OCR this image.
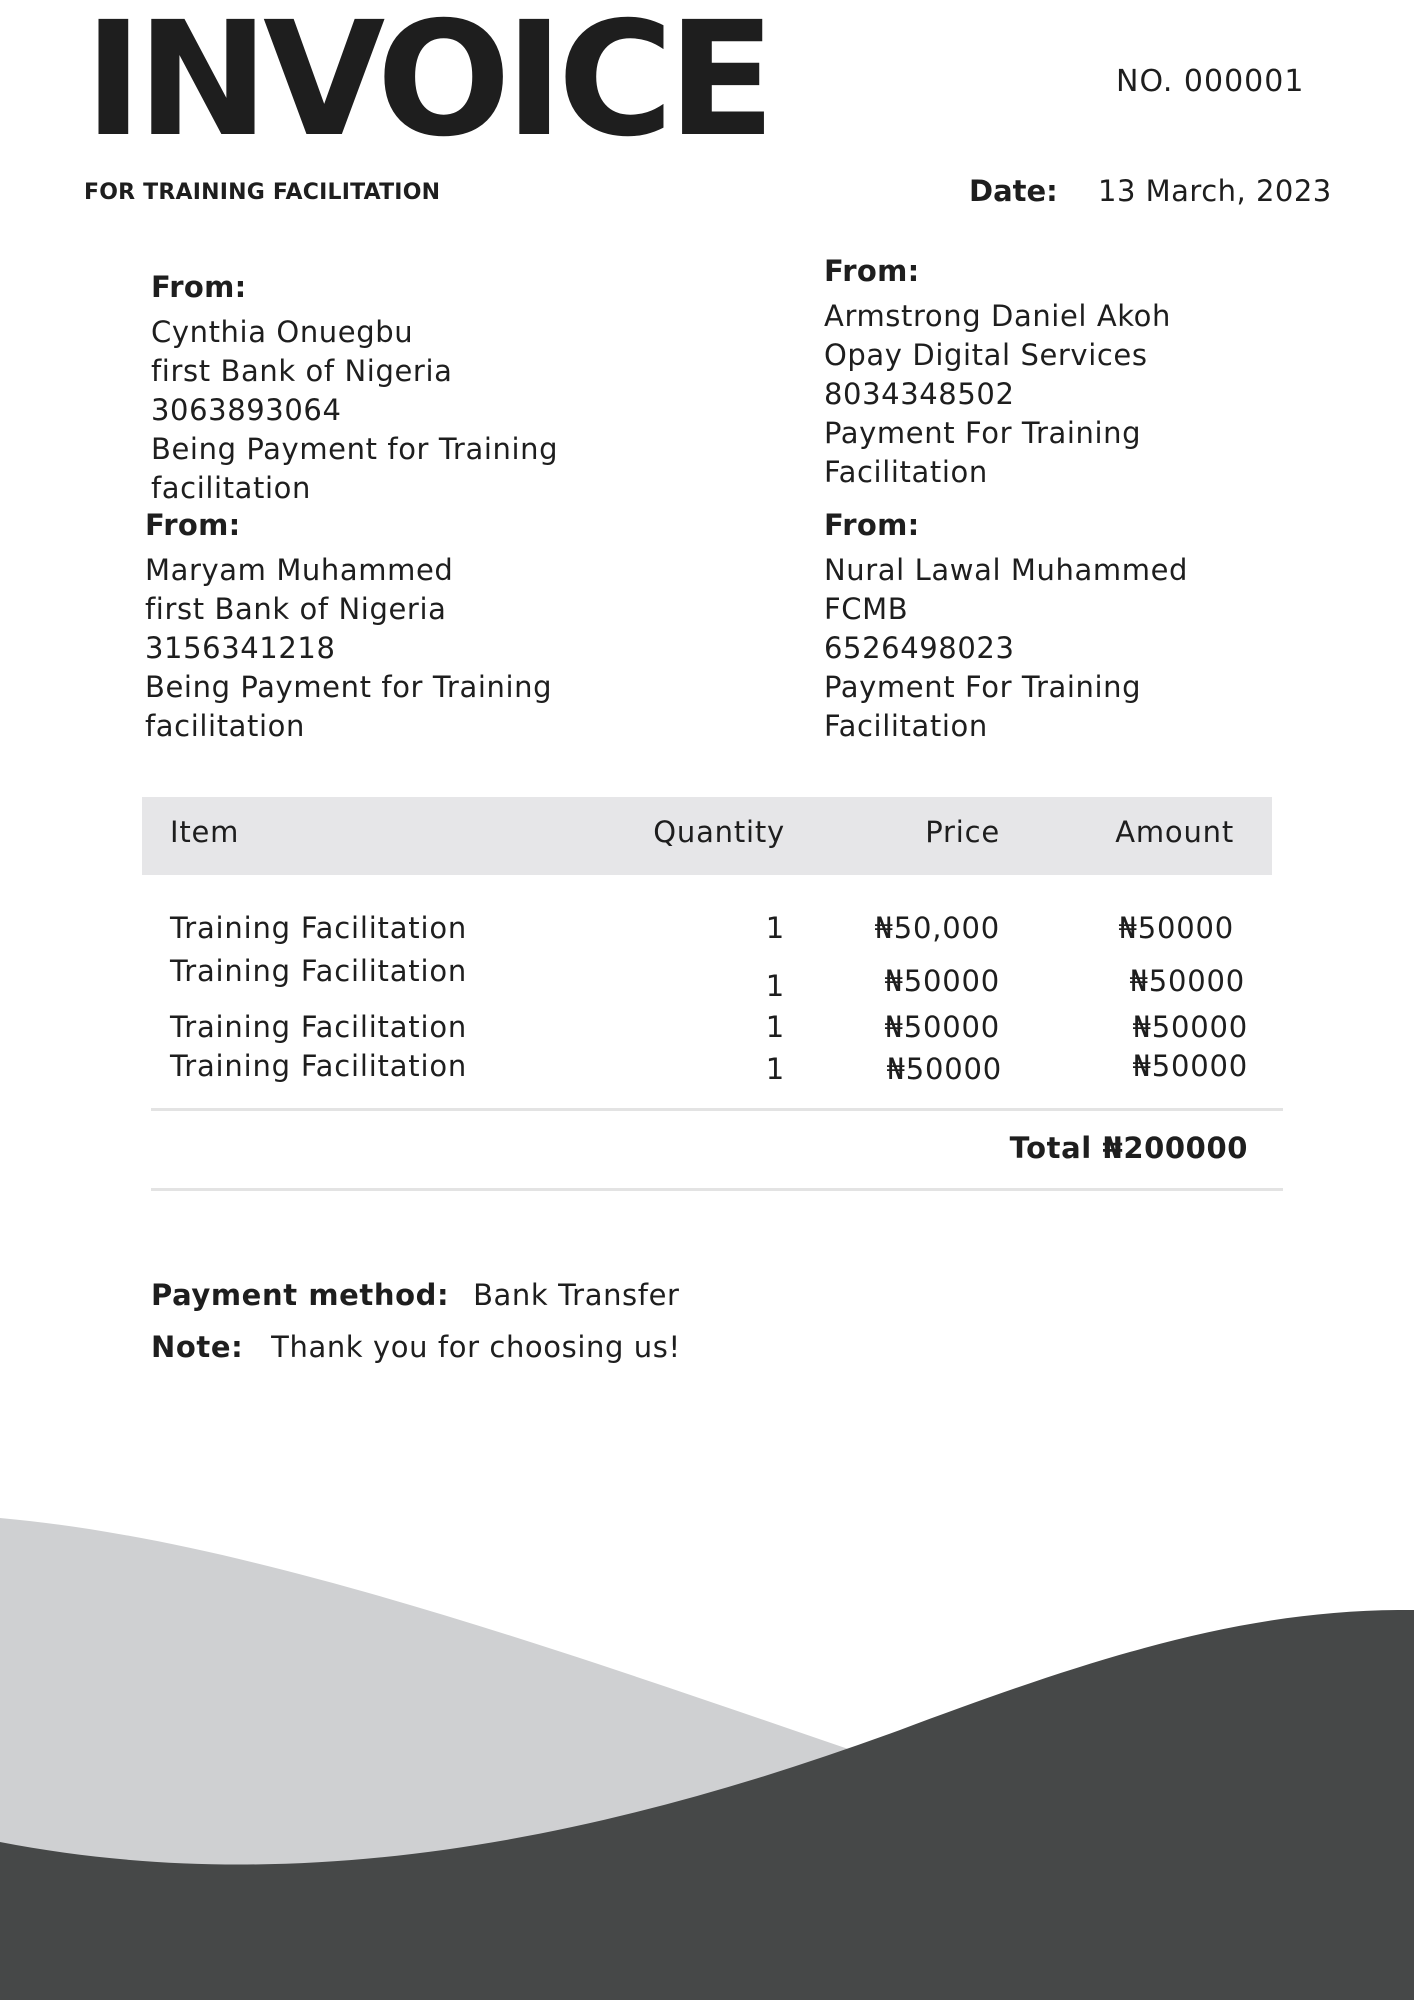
INVOICE	NO. 000001
FOR TRAINING FACILITATION	Date: 13 March, 2023
From:
Cynthia Onuegbu
first Bank of Nigeria
3063893064
Being Payment for Training
facilitation
From:
Armstrong Daniel Akoh
Opay Digital Services
8034348502
Payment For Training
Facilitation
From:
Maryam Muhammed
first Bank of Nigeria
3156341218
Being Payment for Training
facilitation
From:
Nural Lawal Muhammed
FCMB
6526498023
Payment For Training
Facilitation
Item	Quantity	Price	Amount
Training Facilitation	1	₦50,000	₦50000
Training Facilitation	1	₦50000	₦50000
Training Facilitation	1	₦50000	₦50000
Training Facilitation	1	₦50000	₦50000
Total ₦200000
Payment method: Bank Transfer
Note: Thank you for choosing us!
